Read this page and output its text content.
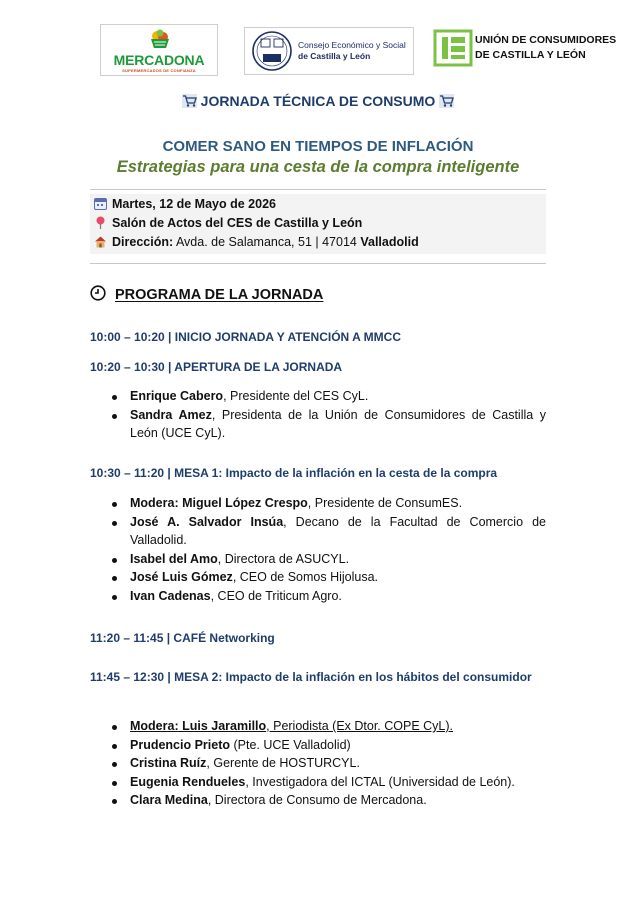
MERCADONA
SUPERMERCADOS DE CONFIANZA
Consejo Económico y Social
de Castilla y León
UNIÓN DE CONSUMIDORES
DE CASTILLA Y LEÓN
JORNADA TÉCNICA DE CONSUMO
COMER SANO EN TIEMPOS DE INFLACIÓN
Estrategias para una cesta de la compra inteligente
Martes, 12 de Mayo de 2026
Salón de Actos del CES de Castilla y León
Dirección: Avda. de Salamanca, 51 | 47014 Valladolid
PROGRAMA DE LA JORNADA
10:00 – 10:20 | INICIO JORNADA Y ATENCIÓN A MMCC
10:20 – 10:30 | APERTURA DE LA JORNADA
Enrique Cabero, Presidente del CES CyL.
Sandra Amez, Presidenta de la Unión de Consumidores de Castilla y León (UCE CyL).
10:30 – 11:20 | MESA 1: Impacto de la inflación en la cesta de la compra
Modera: Miguel López Crespo, Presidente de ConsumES.
José A. Salvador Insúa, Decano de la Facultad de Comercio de Valladolid.
Isabel del Amo, Directora de ASUCYL.
José Luis Gómez, CEO de Somos Hijolusa.
Ivan Cadenas, CEO de Triticum Agro.
11:20 – 11:45 | CAFÉ Networking
11:45 – 12:30 | MESA 2: Impacto de la inflación en los hábitos del consumidor
Modera: Luis Jaramillo, Periodista (Ex Dtor. COPE CyL).
Prudencio Prieto (Pte. UCE Valladolid)
Cristina Ruíz, Gerente de HOSTURCYL.
Eugenia Rendueles, Investigadora del ICTAL (Universidad de León).
Clara Medina, Directora de Consumo de Mercadona.
